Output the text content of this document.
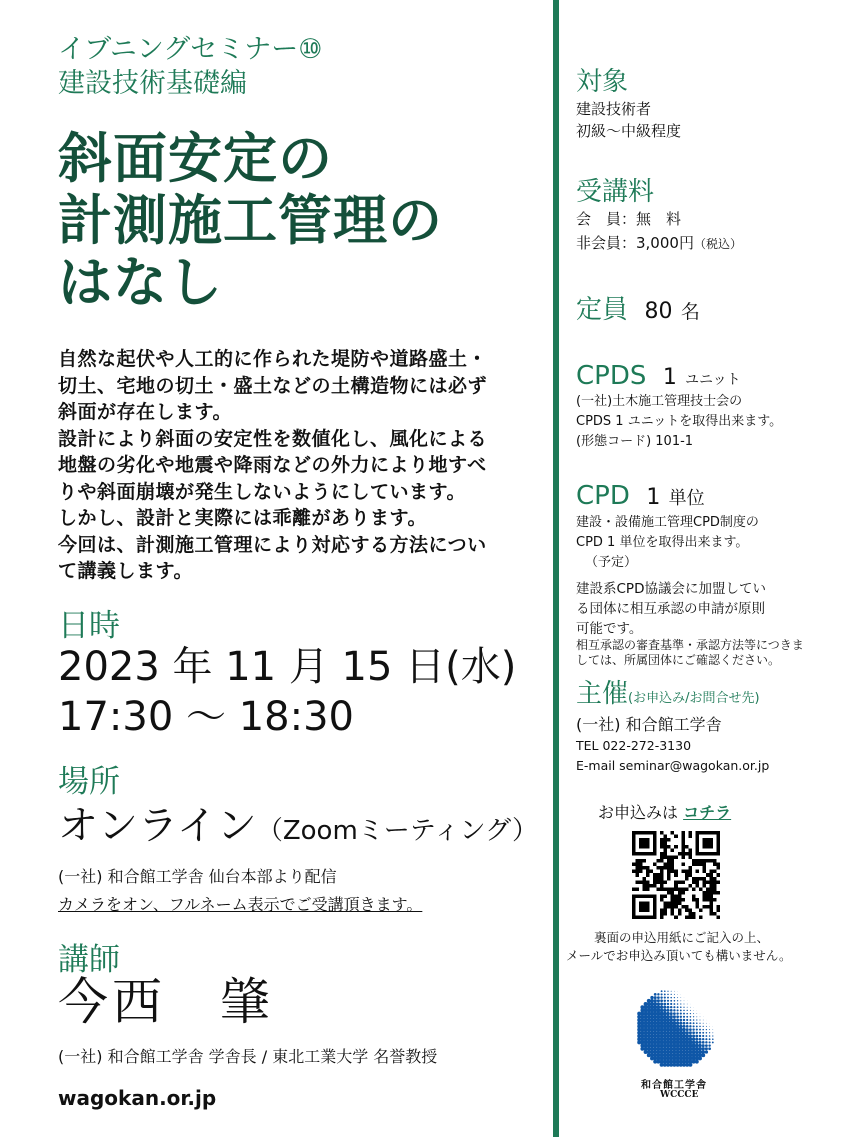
イブニングセミナー⑩
建設技術基礎編
斜面安定の
計測施工管理の
はなし
自然な起伏や人工的に作られた堤防や道路盛土・
切土、宅地の切土・盛土などの土構造物には必ず
斜面が存在します。
設計により斜面の安定性を数値化し、風化による
地盤の劣化や地震や降雨などの外力により地すべ
りや斜面崩壊が発生しないようにしています。
しかし、設計と実際には乖離があります。
今回は、計測施工管理により対応する方法につい
て講義します。
日時
2023 年 11 月 15 日(水)
17:30 ～ 18:30
場所
オンライン（Zoomミーティング）
(一社) 和合館工学舎 仙台本部より配信
カメラをオン、フルネーム表示でご受講頂きます。
講師
今西　肇
(一社) 和合館工学舎 学舎長 / 東北工業大学 名誉教授
wagokan.or.jp
対象
建設技術者
初級～中級程度
受講料
会　員：無　料
非会員：3,000円（税込）
定員 80 名
CPDS 1 ユニット
(一社)土木施工管理技士会の
CPDS 1 ユニットを取得出来ます。
(形態コード) 101-1
CPD 1 単位
建設・設備施工管理CPD制度の
CPD 1 単位を取得出来ます。
（予定）
建設系CPD協議会に加盟してい
る団体に相互承認の申請が原則
可能です。
相互承認の審査基準・承認方法等につきま
しては、所属団体にご確認ください。
主催(お申込み/お問合せ先)
(一社) 和合館工学舎
TEL 022-272-3130
E-mail seminar@wagokan.or.jp
お申込みは コチラ
裏面の申込用紙にご記入の上、
メールでお申込み頂いても構いません。
和合館工学舎
WCCCE
